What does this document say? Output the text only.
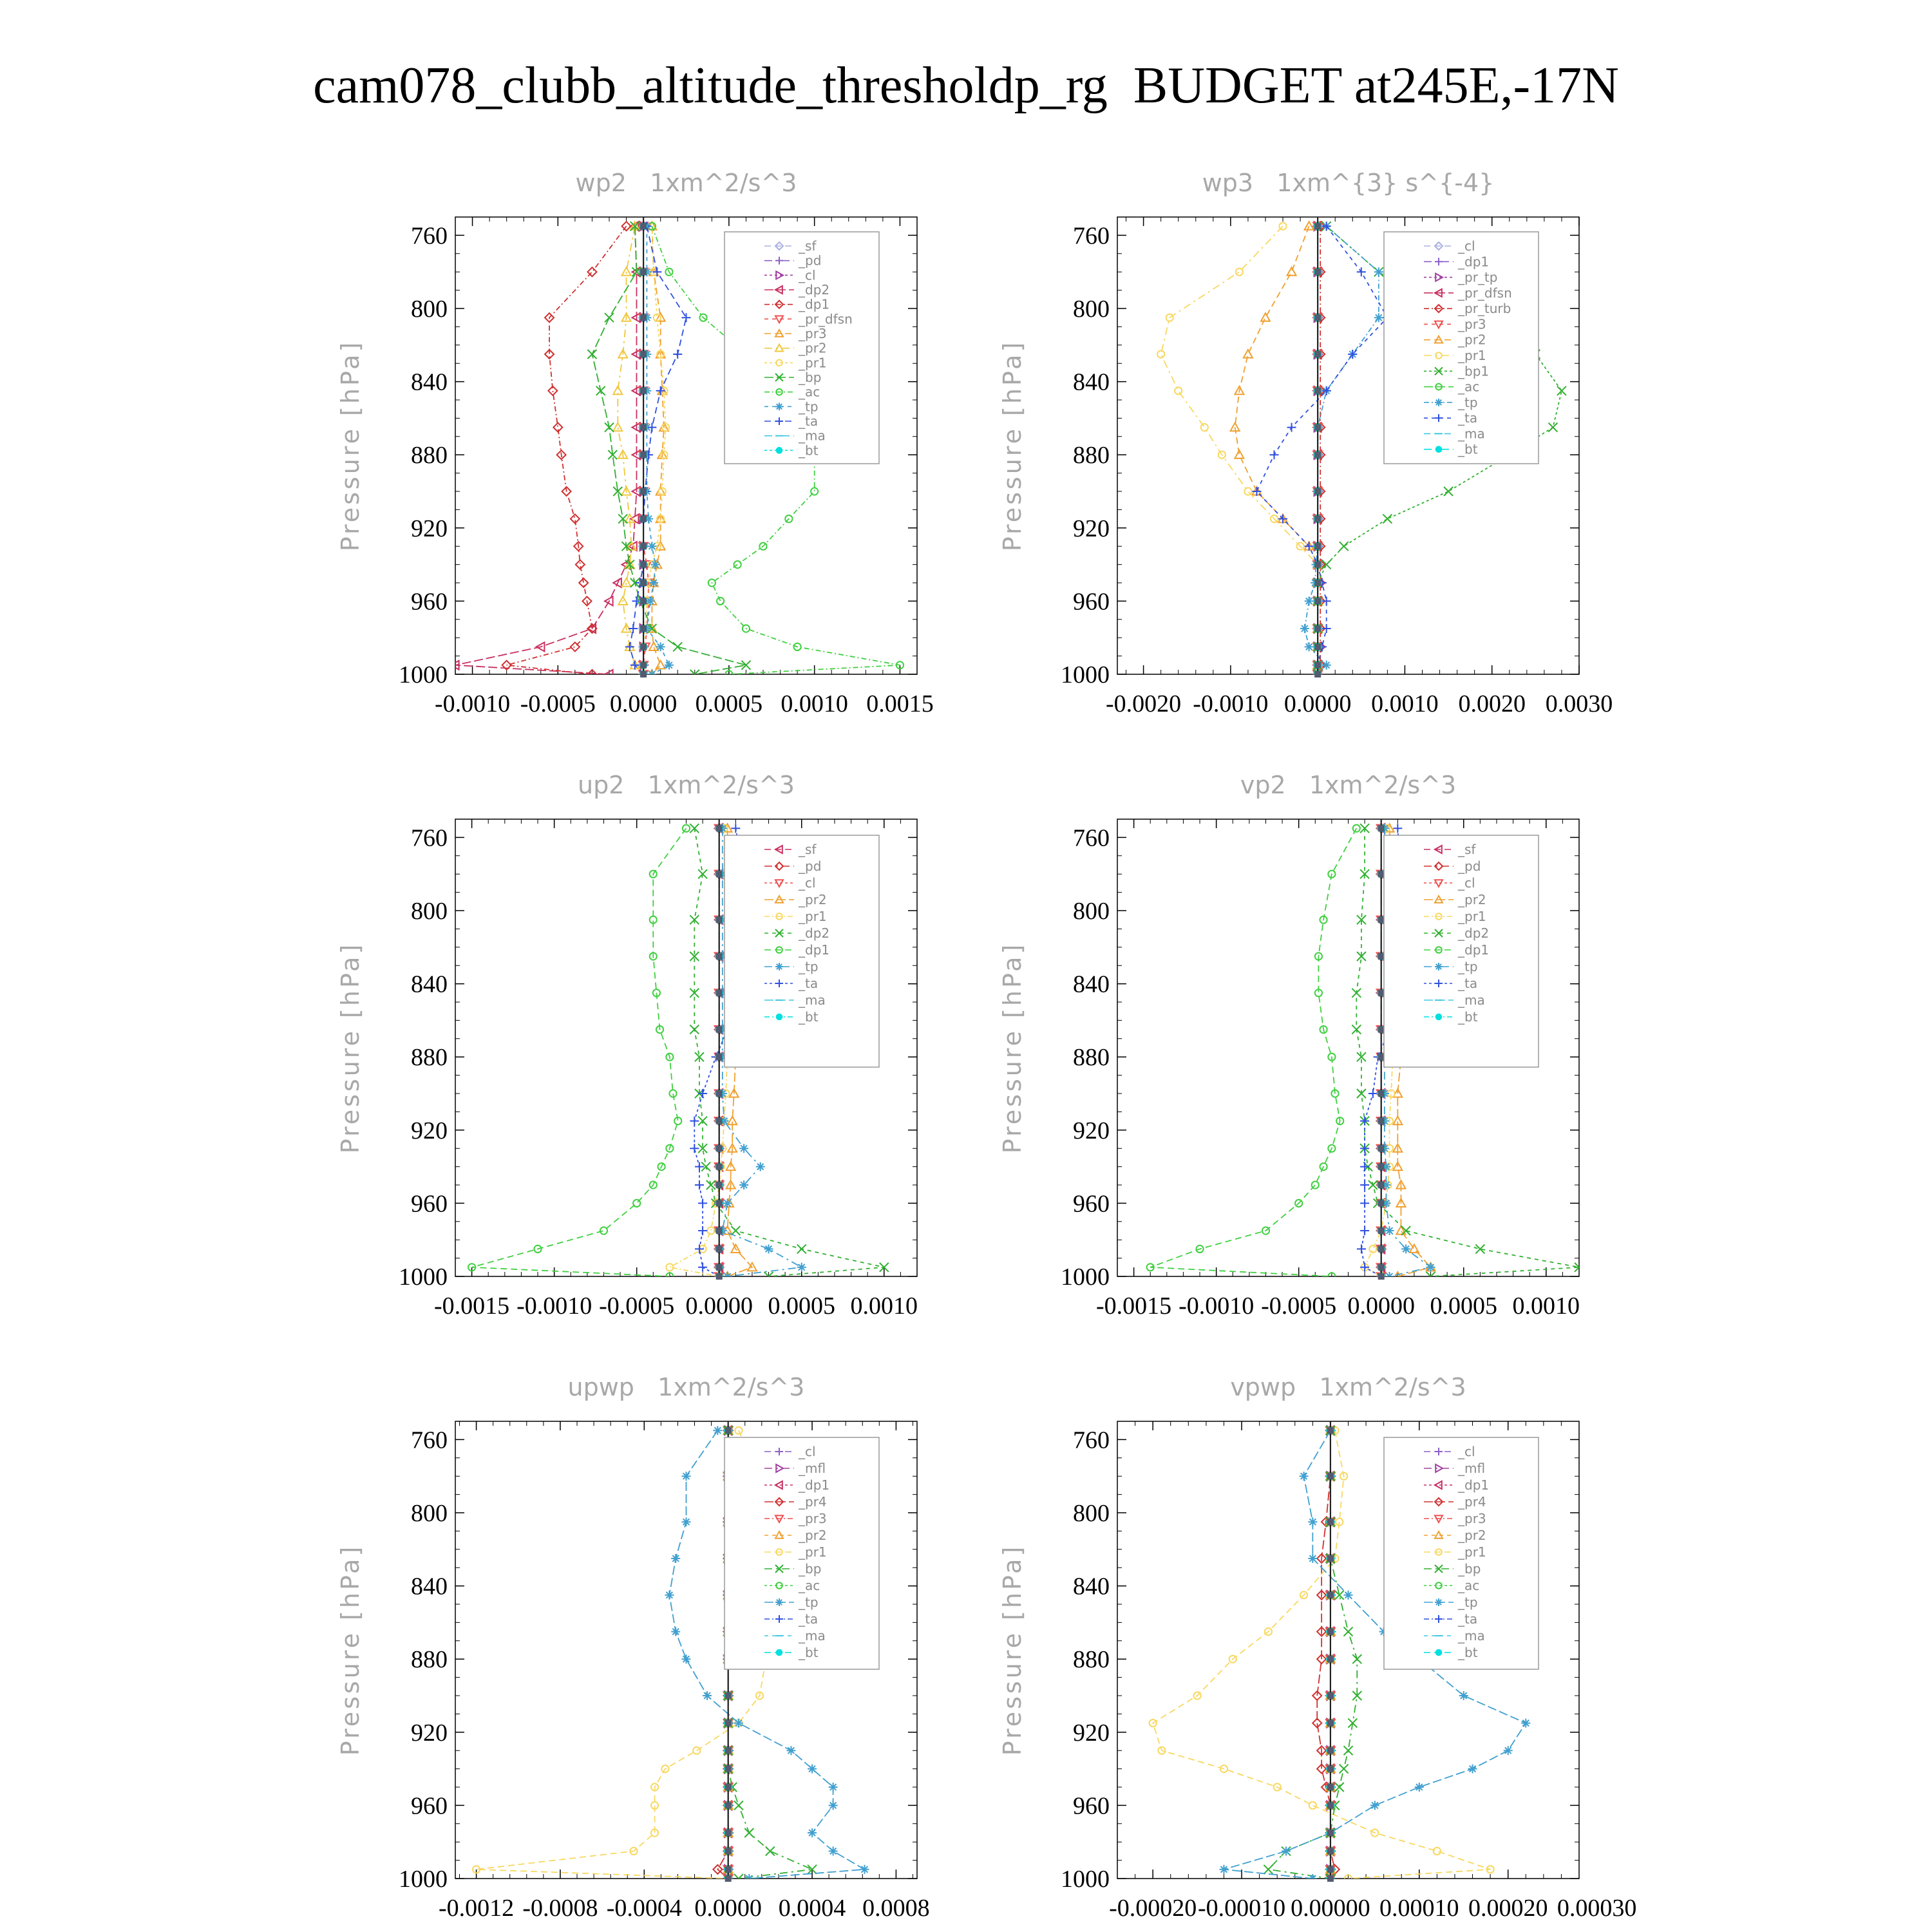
cam078_clubb_altitude_thresholdp_rg  BUDGET at245E,-17N
wp2   1xm^2/s^3
Pressure [hPa]
760
800
840
880
920
960
1000
-0.0010 -0.0005 0.0000 0.0005 0.0010 0.0015
_sf
_pd
_cl
_dp2
_dp1
_pr_dfsn
_pr3
_pr2
_pr1
_bp
_ac
_tp
_ta
_ma
_bt
wp3   1xm^{3} s^{-4}
Pressure [hPa]
760
800
840
880
920
960
1000
-0.0020 -0.0010 0.0000 0.0010 0.0020 0.0030
_cl
_dp1
_pr_tp
_pr_dfsn
_pr_turb
_pr3
_pr2
_pr1
_bp1
_ac
_tp
_ta
_ma
_bt
up2   1xm^2/s^3
Pressure [hPa]
760
800
840
880
920
960
1000
-0.0015 -0.0010 -0.0005 0.0000 0.0005 0.0010
_sf
_pd
_cl
_pr2
_pr1
_dp2
_dp1
_tp
_ta
_ma
_bt
vp2   1xm^2/s^3
Pressure [hPa]
760
800
840
880
920
960
1000
-0.0015 -0.0010 -0.0005 0.0000 0.0005 0.0010
_sf
_pd
_cl
_pr2
_pr1
_dp2
_dp1
_tp
_ta
_ma
_bt
upwp   1xm^2/s^3
Pressure [hPa]
760
800
840
880
920
960
1000
-0.0012 -0.0008 -0.0004 0.0000 0.0004 0.0008
_cl
_mfl
_dp1
_pr4
_pr3
_pr2
_pr1
_bp
_ac
_tp
_ta
_ma
_bt
vpwp   1xm^2/s^3
Pressure [hPa]
760
800
840
880
920
960
1000
-0.00020 -0.00010 0.00000 0.00010 0.00020 0.00030
_cl
_mfl
_dp1
_pr4
_pr3
_pr2
_pr1
_bp
_ac
_tp
_ta
_ma
_bt
